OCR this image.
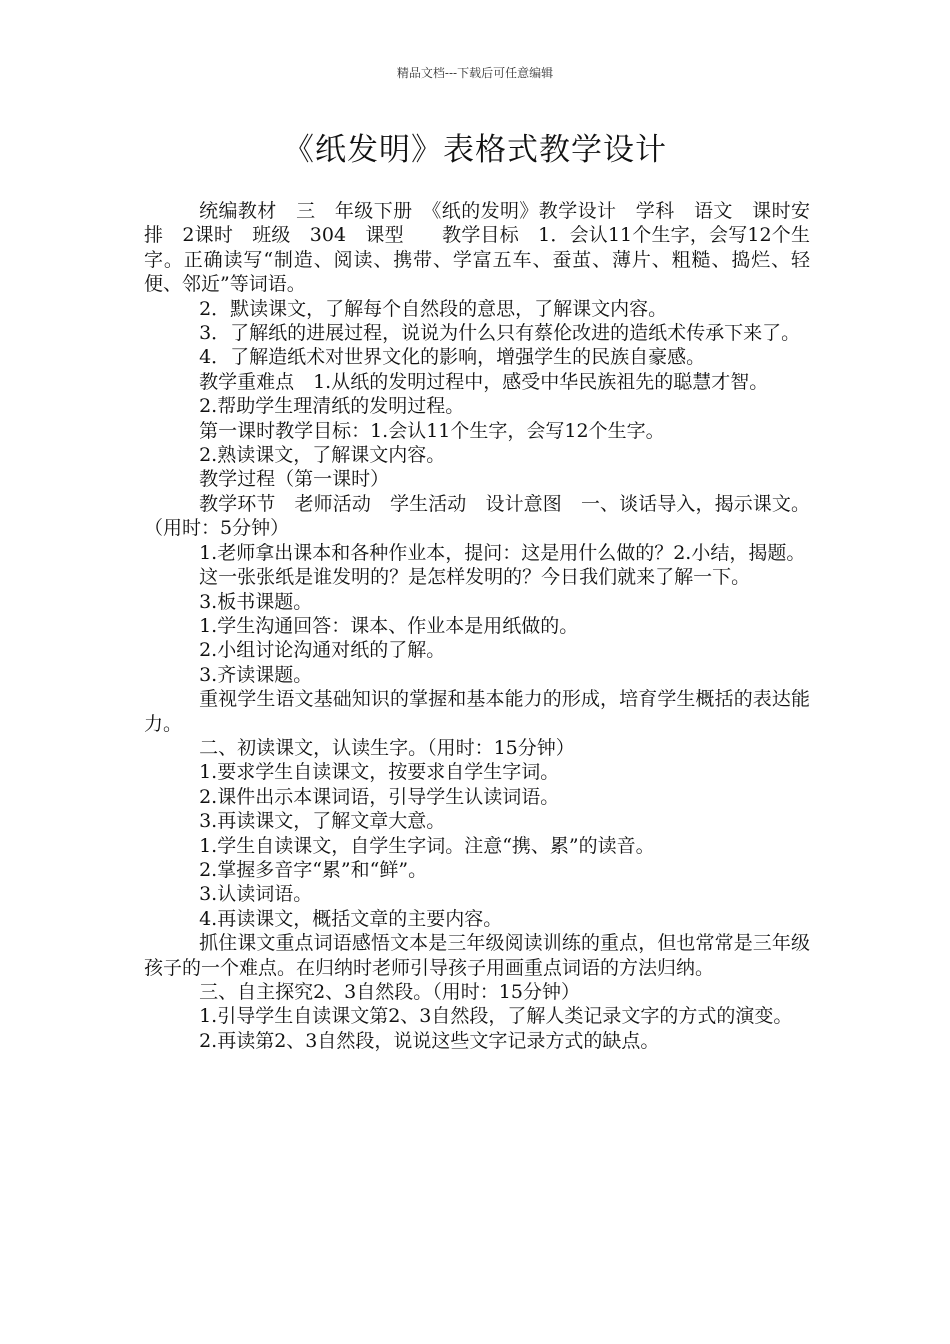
精品文档---下载后可任意编辑
《纸发明》表格式教学设计

统编教材　三　年级下册　《纸的发明》教学设计　学科　语文　课时安排　2课时　班级　304　课型　　教学目标　1．会认11个生字，会写12个生字。正确读写“制造、阅读、携带、学富五车、蚕茧、薄片、粗糙、捣烂、轻便、邻近”等词语。

2．默读课文，了解每个自然段的意思，了解课文内容。

3．了解纸的进展过程，说说为什么只有蔡伦改进的造纸术传承下来了。

4．了解造纸术对世界文化的影响，增强学生的民族自豪感。

教学重难点　1.从纸的发明过程中，感受中华民族祖先的聪慧才智。

2.帮助学生理清纸的发明过程。

第一课时教学目标：1.会认11个生字，会写12个生字。

2.熟读课文，了解课文内容。

教学过程（第一课时）

教学环节　老师活动　学生活动　设计意图　一、谈话导入，揭示课文。（用时：5分钟）

1.老师拿出课本和各种作业本，提问：这是用什么做的？2.小结，揭题。

这一张张纸是谁发明的？是怎样发明的？今日我们就来了解一下。

3.板书课题。

1.学生沟通回答：课本、作业本是用纸做的。

2.小组讨论沟通对纸的了解。

3.齐读课题。

重视学生语文基础知识的掌握和基本能力的形成，培育学生概括的表达能力。

二、初读课文，认读生字。（用时：15分钟）

1.要求学生自读课文，按要求自学生字词。

2.课件出示本课词语，引导学生认读词语。

3.再读课文，了解文章大意。

1.学生自读课文，自学生字词。注意“携、累”的读音。

2.掌握多音字“累”和“鲜”。

3.认读词语。

4.再读课文，概括文章的主要内容。

抓住课文重点词语感悟文本是三年级阅读训练的重点，但也常常是三年级孩子的一个难点。在归纳时老师引导孩子用画重点词语的方法归纳。

三、自主探究2、3自然段。（用时：15分钟）

1.引导学生自读课文第2、3自然段，了解人类记录文字的方式的演变。

2.再读第2、3自然段，说说这些文字记录方式的缺点。
